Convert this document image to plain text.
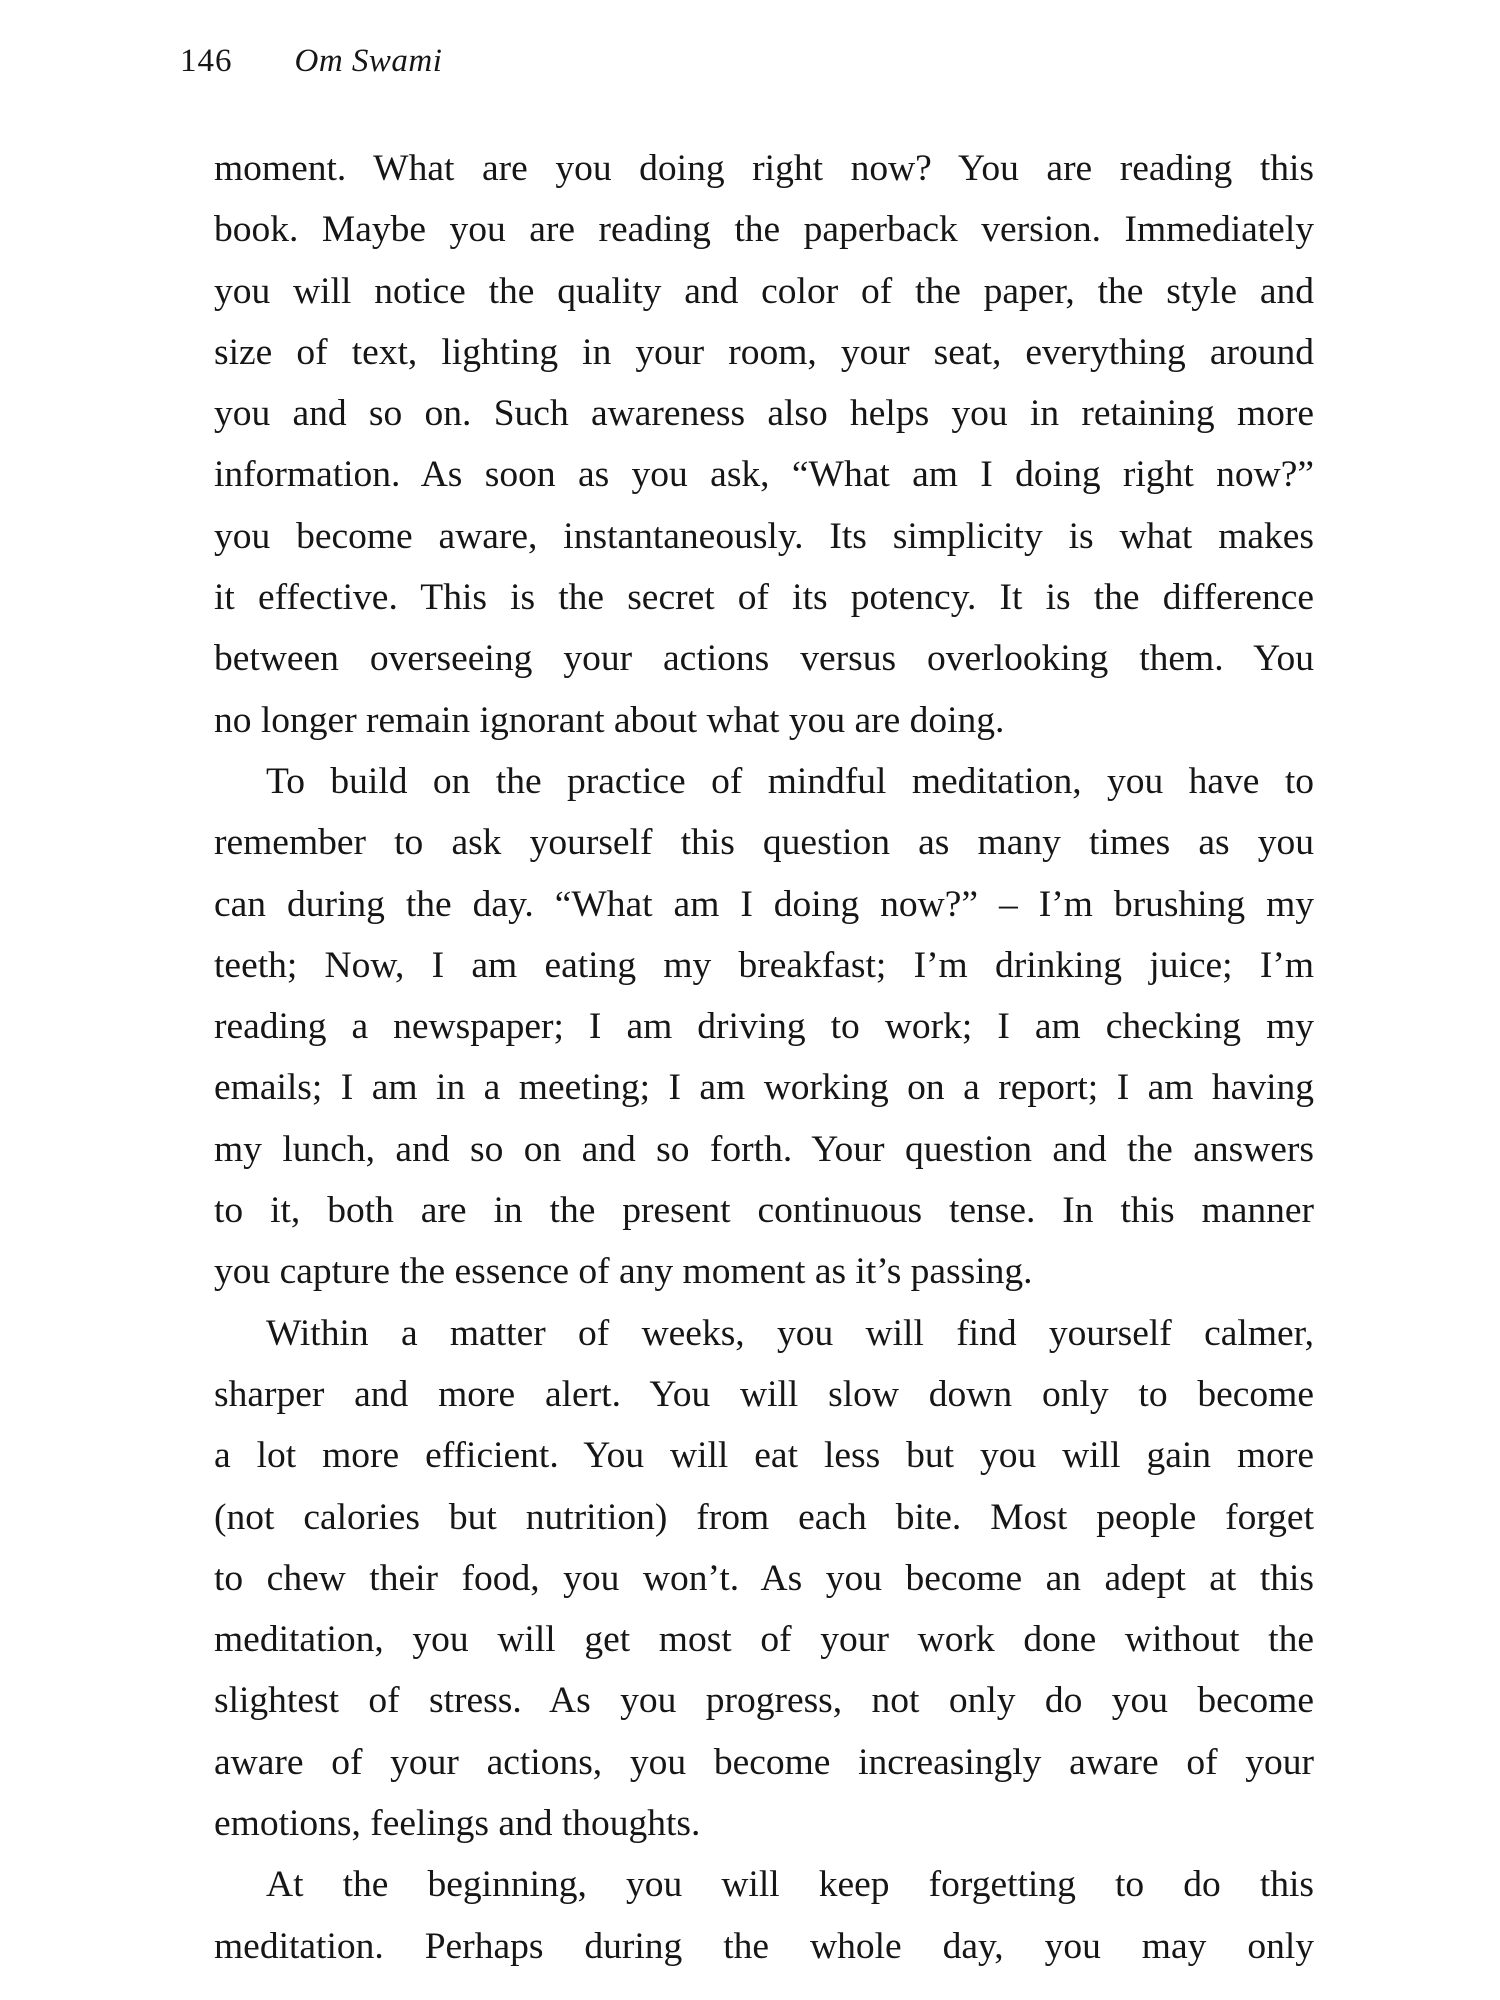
146 Om Swami
moment. What are you doing right now? You are reading this
book. Maybe you are reading the paperback version. Immediately
you will notice the quality and color of the paper, the style and
size of text, lighting in your room, your seat, everything around
you and so on. Such awareness also helps you in retaining more
information. As soon as you ask, “What am I doing right now?”
you become aware, instantaneously. Its simplicity is what makes
it effective. This is the secret of its potency. It is the difference
between overseeing your actions versus overlooking them. You
no longer remain ignorant about what you are doing.
To build on the practice of mindful meditation, you have to
remember to ask yourself this question as many times as you
can during the day. “What am I doing now?” – I’m brushing my
teeth; Now, I am eating my breakfast; I’m drinking juice; I’m
reading a newspaper; I am driving to work; I am checking my
emails; I am in a meeting; I am working on a report; I am having
my lunch, and so on and so forth. Your question and the answers
to it, both are in the present continuous tense. In this manner
you capture the essence of any moment as it’s passing.
Within a matter of weeks, you will find yourself calmer,
sharper and more alert. You will slow down only to become
a lot more efficient. You will eat less but you will gain more
(not calories but nutrition) from each bite. Most people forget
to chew their food, you won’t. As you become an adept at this
meditation, you will get most of your work done without the
slightest of stress. As you progress, not only do you become
aware of your actions, you become increasingly aware of your
emotions, feelings and thoughts.
At the beginning, you will keep forgetting to do this
meditation. Perhaps during the whole day, you may only
